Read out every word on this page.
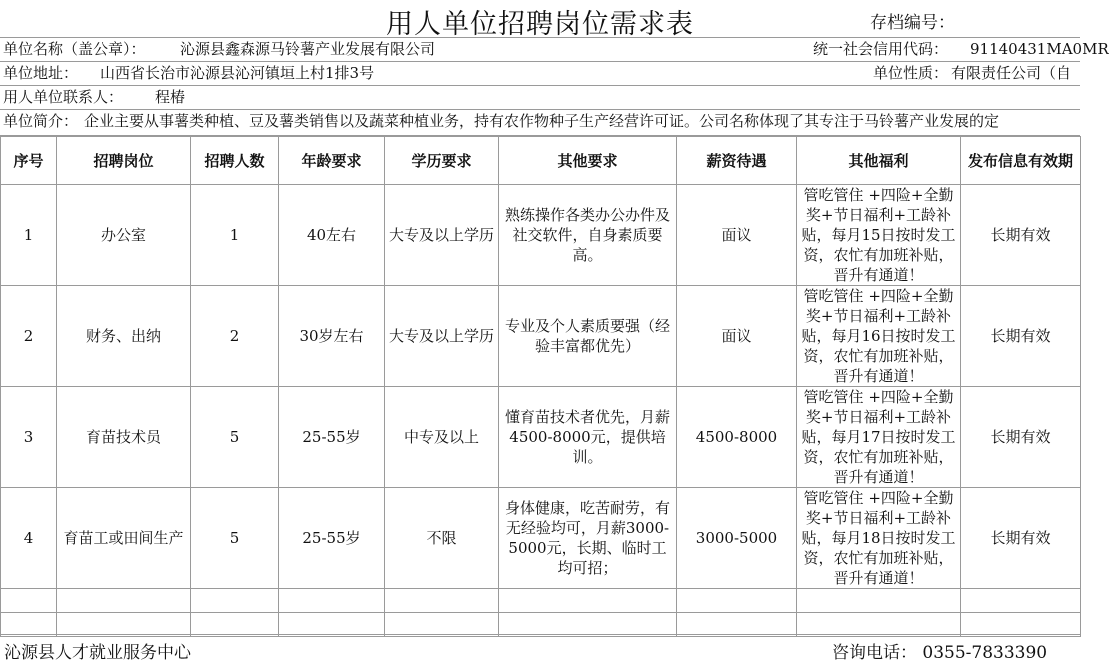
用人单位招聘岗位需求表	存档编号：
单位名称（盖公章）： 沁源县鑫森源马铃薯产业发展有限公司	统一社会信用代码： 91140431MA0MR
单位地址： 山西省长治市沁源县沁河镇垣上村1排3号	单位性质： 有限责任公司（自
用人单位联系人： 程椿
单位简介： 企业主要从事薯类种植、豆及薯类销售以及蔬菜种植业务，持有农作物种子生产经营许可证。公司名称体现了其专注于马铃薯产业发展的定
序号	招聘岗位	招聘人数	年龄要求	学历要求	其他要求	薪资待遇	其他福利	发布信息有效期
1	办公室	1	40左右	大专及以上学历	熟练操作各类办公办件及社交软件，自身素质要高。	面议	管吃管住 +四险+全勤奖+节日福利+工龄补贴，每月15日按时发工资，农忙有加班补贴，晋升有通道！	长期有效
2	财务、出纳	2	30岁左右	大专及以上学历	专业及个人素质要强（经验丰富都优先）	面议	管吃管住 +四险+全勤奖+节日福利+工龄补贴，每月16日按时发工资，农忙有加班补贴，晋升有通道！	长期有效
3	育苗技术员	5	25-55岁	中专及以上	懂育苗技术者优先，月薪4500-8000元，提供培训。	4500-8000	管吃管住 +四险+全勤奖+节日福利+工龄补贴，每月17日按时发工资，农忙有加班补贴，晋升有通道！	长期有效
4	育苗工或田间生产	5	25-55岁	不限	身体健康，吃苦耐劳，有无经验均可，月薪3000-5000元，长期、临时工均可招；	3000-5000	管吃管住 +四险+全勤奖+节日福利+工龄补贴，每月18日按时发工资，农忙有加班补贴，晋升有通道！	长期有效

沁源县人才就业服务中心	咨询电话： 0355-7833390
